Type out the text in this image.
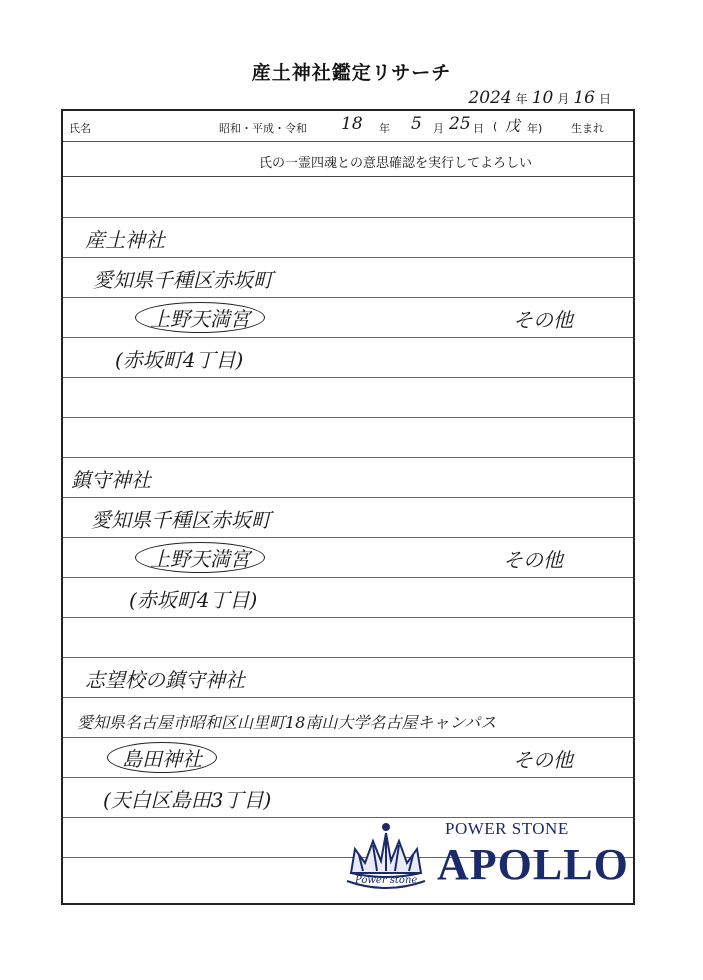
産土神社鑑定リサーチ
2024 年 10 月 16 日
氏名	昭和・平成・令和 18 年 5 月 25 日 ( 戊 年)	生まれ
氏の一霊四魂との意思確認を実行してよろしい
産土神社
愛知県千種区赤坂町
上野天満宮	その他
(赤坂町4丁目)
鎮守神社
愛知県千種区赤坂町
上野天満宮	その他
(赤坂町4丁目)
志望校の鎮守神社
愛知県名古屋市昭和区山里町18南山大学名古屋キャンパス
島田神社	その他
(天白区島田3丁目)
Power stone
POWER STONE
APOLLO
